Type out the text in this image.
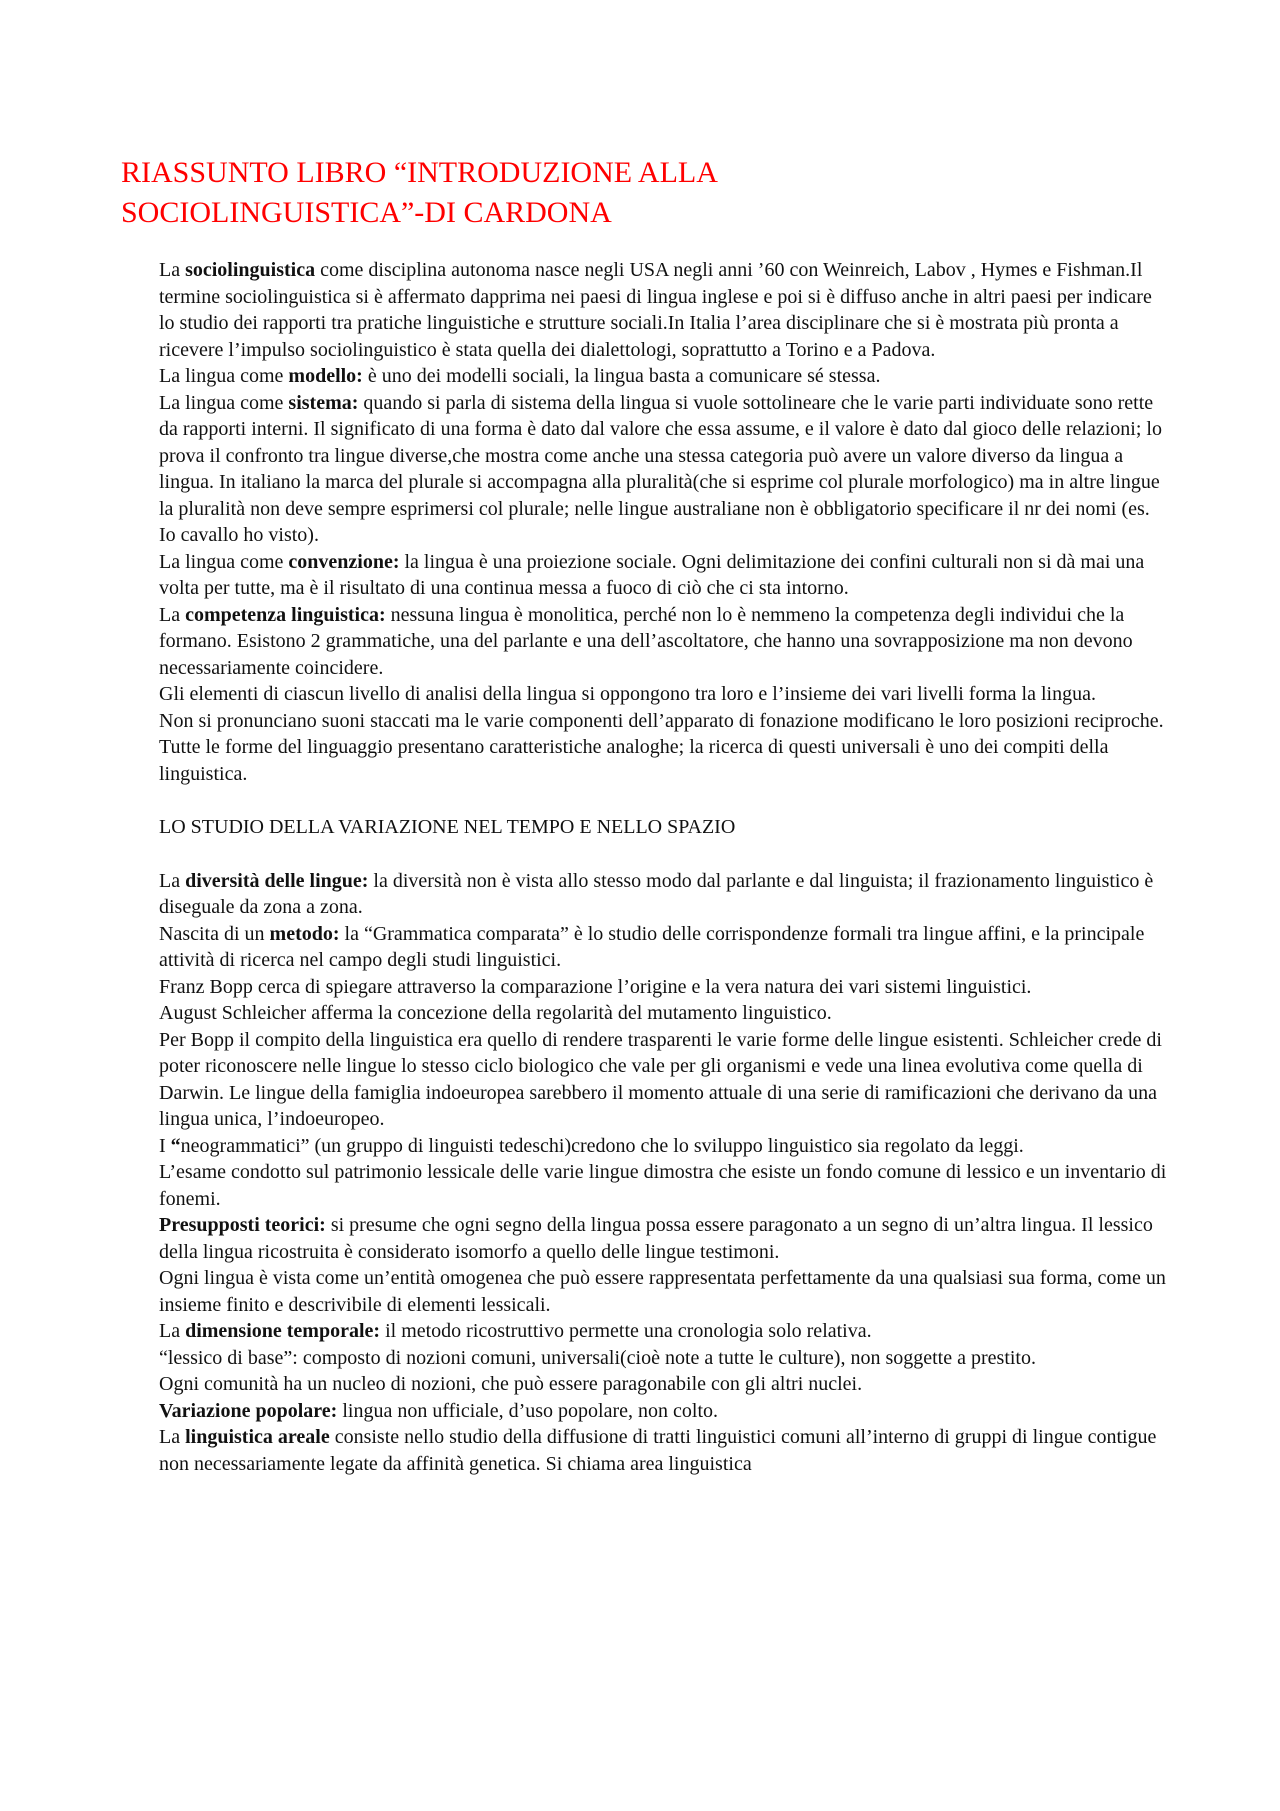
RIASSUNTO LIBRO “INTRODUZIONE ALLA
SOCIOLINGUISTICA”-DI CARDONA

La sociolinguistica come disciplina autonoma nasce negli USA negli anni ’60 con Weinreich, Labov , Hymes e Fishman.Il termine sociolinguistica si è affermato dapprima nei paesi di lingua inglese e poi si è diffuso anche in altri paesi per indicare lo studio dei rapporti tra pratiche linguistiche e strutture sociali.In Italia l’area disciplinare che si è mostrata più pronta a ricevere l’impulso sociolinguistico è stata quella dei dialettologi, soprattutto a Torino e a Padova.

La lingua come modello: è uno dei modelli sociali, la lingua basta a comunicare sé stessa.

La lingua come sistema: quando si parla di sistema della lingua si vuole sottolineare che le varie parti individuate sono rette da rapporti interni. Il significato di una forma è dato dal valore che essa assume, e il valore è dato dal gioco delle relazioni; lo prova il confronto tra lingue diverse,che mostra come anche una stessa categoria può avere un valore diverso da lingua a lingua. In italiano la marca del plurale si accompagna alla pluralità(che si esprime col plurale morfologico) ma in altre lingue la pluralità non deve sempre esprimersi col plurale; nelle lingue australiane non è obbligatorio specificare il nr dei nomi (es. Io cavallo ho visto).

La lingua come convenzione: la lingua è una proiezione sociale. Ogni delimitazione dei confini culturali non si dà mai una volta per tutte, ma è il risultato di una continua messa a fuoco di ciò che ci sta intorno.

La competenza linguistica: nessuna lingua è monolitica, perché non lo è nemmeno la competenza degli individui che la formano. Esistono 2 grammatiche, una del parlante e una dell’ascoltatore, che hanno una sovrapposizione ma non devono necessariamente coincidere.

Gli elementi di ciascun livello di analisi della lingua si oppongono tra loro e l’insieme dei vari livelli forma la lingua.

Non si pronunciano suoni staccati ma le varie componenti dell’apparato di fonazione modificano le loro posizioni reciproche.

Tutte le forme del linguaggio presentano caratteristiche analoghe; la ricerca di questi universali è uno dei compiti della linguistica.

LO STUDIO DELLA VARIAZIONE NEL TEMPO E NELLO SPAZIO

La diversità delle lingue: la diversità non è vista allo stesso modo dal parlante e dal linguista; il frazionamento linguistico è diseguale da zona a zona.

Nascita di un metodo: la “Grammatica comparata” è lo studio delle corrispondenze formali tra lingue affini, e la principale attività di ricerca nel campo degli studi linguistici.

Franz Bopp cerca di spiegare attraverso la comparazione l’origine e la vera natura dei vari sistemi linguistici.

August Schleicher afferma la concezione della regolarità del mutamento linguistico.

Per Bopp il compito della linguistica era quello di rendere trasparenti le varie forme delle lingue esistenti. Schleicher crede di poter riconoscere nelle lingue lo stesso ciclo biologico che vale per gli organismi e vede una linea evolutiva come quella di Darwin. Le lingue della famiglia indoeuropea sarebbero il momento attuale di una serie di ramificazioni che derivano da una lingua unica, l’indoeuropeo.

I “neogrammatici” (un gruppo di linguisti tedeschi)credono che lo sviluppo linguistico sia regolato da leggi.

L’esame condotto sul patrimonio lessicale delle varie lingue dimostra che esiste un fondo comune di lessico e un inventario di fonemi.

Presupposti teorici: si presume che ogni segno della lingua possa essere paragonato a un segno di un’altra lingua. Il lessico della lingua ricostruita è considerato isomorfo a quello delle lingue testimoni.

Ogni lingua è vista come un’entità omogenea che può essere rappresentata perfettamente da una qualsiasi sua forma, come un insieme finito e descrivibile di elementi lessicali.

La dimensione temporale: il metodo ricostruttivo permette una cronologia solo relativa.

“lessico di base”: composto di nozioni comuni, universali(cioè note a tutte le culture), non soggette a prestito.

Ogni comunità ha un nucleo di nozioni, che può essere paragonabile con gli altri nuclei.

Variazione popolare: lingua non ufficiale, d’uso popolare, non colto.

La linguistica areale consiste nello studio della diffusione di tratti linguistici comuni all’interno di gruppi di lingue contigue non necessariamente legate da affinità genetica. Si chiama area linguistica
